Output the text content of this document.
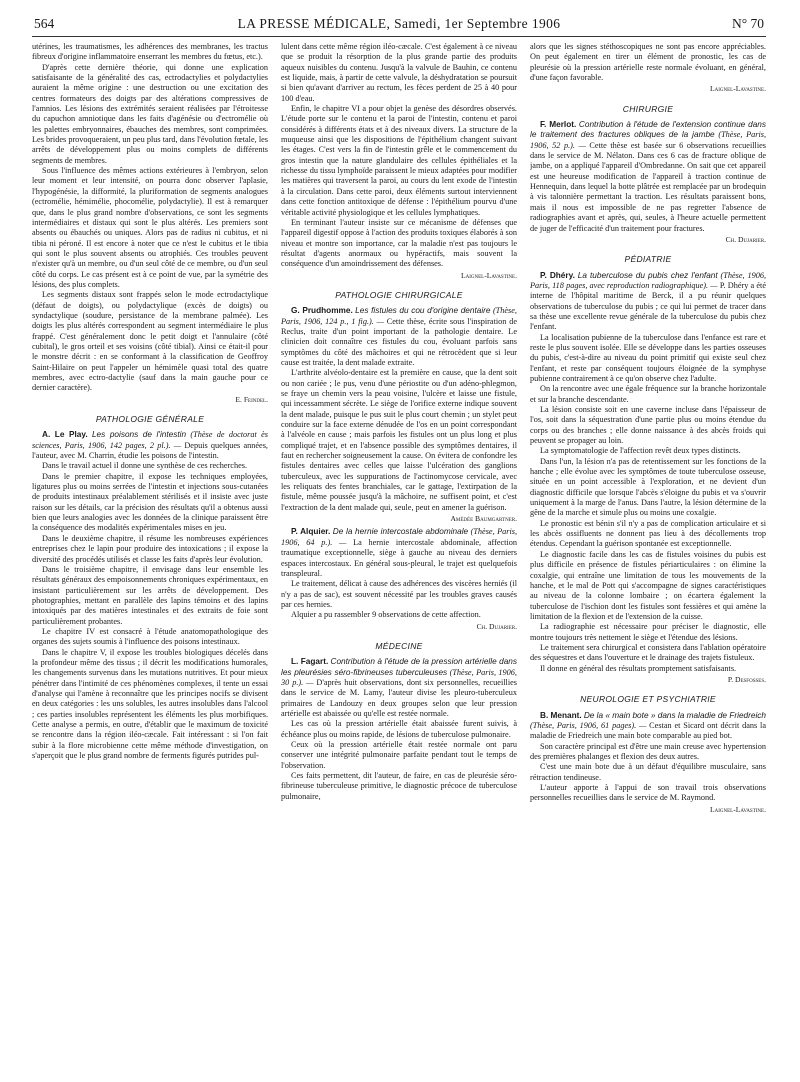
564	LA PRESSE MÉDICALE, Samedi, 1er Septembre 1906	N° 70

utérines, les traumatismes, les adhérences des membranes, les tractus fibreux d'origine inflammatoire enserrant les membres du fœtus, etc.).

D'après cette dernière théorie, qui donne une explication satisfaisante de la généralité des cas, ectrodactylies et polydactylies auraient la même origine : une destruction ou une excitation des centres formateurs des doigts par des altérations compressives de l'amnios. Les lésions des extrémités seraient réalisées par l'étroitesse du capuchon amniotique dans les faits d'agénésie ou d'ectromélie où les palettes embryonnaires, ébauches des membres, sont comprimées. Les brides provoqueraient, un peu plus tard, dans l'évolution fœtale, les arrêts de développement plus ou moins complets de différents segments de membres.

Sous l'influence des mêmes actions extérieures à l'embryon, selon leur moment et leur intensité, on pourra donc observer l'aplasie, l'hypogénésie, la difformité, la pluriformation de segments analogues (ectromélie, hémimélie, phocomélie, polydactylie). Il est à remarquer que, dans le plus grand nombre d'observations, ce sont les segments intermédiaires et distaux qui sont le plus altérés. Les premiers sont absents ou ébauchés ou uniques. Alors pas de radius ni cubitus, et ni tibia ni péroné. Il est encore à noter que ce n'est le cubitus et le tibia qui sont le plus souvent absents ou atrophiés. Ces troubles peuvent n'exister qu'à un membre, ou d'un seul côté de ce membre, ou d'un seul côté du corps. Le cas présent est à ce point de vue, par la symétrie des lésions, des plus complets.

Les segments distaux sont frappés selon le mode ectrodactylique (défaut de doigts), ou polydactylique (excès de doigts) ou syndactylique (soudure, persistance de la membrane palmée). Les doigts les plus altérés correspondent au segment intermédiaire le plus frappé. C'est généralement donc le petit doigt et l'annulaire (côté cubital), le gros orteil et ses voisins (côté tibial). Ainsi ce était-il pour le monstre décrit : en se conformant à la classification de Geoffroy Saint-Hilaire on peut l'appeler un hémimèle quasi total des quatre membres, avec ectro-dactylie (sauf dans la main gauche pour ce dernier caractère).

E. Feindel.

PATHOLOGIE GÉNÉRALE

A. Le Play. Les poisons de l'intestin (Thèse de doctorat ès sciences, Paris, 1906, 142 pages, 2 pl.). — Depuis quelques années, l'auteur, avec M. Charrin, étudie les poisons de l'intestin.

Dans le travail actuel il donne une synthèse de ces recherches.

Dans le premier chapitre, il expose les techniques employées, ligatures plus ou moins serrées de l'intestin et injections sous-cutanées de produits intestinaux préalablement stérilisés et il insiste avec juste raison sur les détails, car la précision des résultats qu'il a obtenus aussi bien que leurs analogies avec les données de la clinique paraissent être la conséquence des modalités expérimentales mises en jeu.

Dans le deuxième chapitre, il résume les nombreuses expériences entreprises chez le lapin pour produire des intoxications ; il expose la diversité des procédés utilisés et classe les faits d'après leur évolution.

Dans le troisième chapitre, il envisage dans leur ensemble les résultats généraux des empoisonnements chroniques expérimentaux, en insistant particulièrement sur les arrêts de développement. Des photographies, mettant en parallèle des lapins témoins et des lapins intoxiqués par des matières intestinales et des extraits de foie sont particulièrement probantes.

Le chapitre IV est consacré à l'étude anatomopathologique des organes des sujets soumis à l'influence des poisons intestinaux.

Dans le chapitre V, il expose les troubles biologiques décelés dans la profondeur même des tissus ; il décrit les modifications humorales, les changements survenus dans les mutations nutritives. Et pour mieux pénétrer dans l'intimité de ces phénomènes complexes, il tente un essai d'analyse qui l'amène à reconnaître que les principes nocifs se divisent en deux catégories : les uns solubles, les autres insolubles dans l'alcool ; ces parties insolubles représentent les éléments les plus morbifiques. Cette analyse a permis, en outre, d'établir que le maximum de toxicité se rencontre dans la région iléo-cæcale. Fait intéressant : si l'on fait subir à la flore microbienne cette même méthode d'investigation, on s'aperçoit que le plus grand nombre de ferments figurés putrides pul-

lulent dans cette même région iléo-cæcale. C'est également à ce niveau que se produit la résorption de la plus grande partie des produits aqueux nuisibles du contenu. Jusqu'à la valvule de Bauhin, ce contenu est liquide, mais, à partir de cette valvule, la déshydratation se poursuit si bien qu'avant d'arriver au rectum, les fèces perdent de 25 à 40 pour 100 d'eau.

Enfin, le chapitre VI a pour objet la genèse des désordres observés. L'étude porte sur le contenu et la paroi de l'intestin, contenu et paroi considérés à différents états et à des niveaux divers. La structure de la muqueuse ainsi que les dispositions de l'épithélium changent suivant les étages. C'est vers la fin de l'intestin grêle et le commencement du gros intestin que la nature glandulaire des cellules épithéliales et la richesse du tissu lymphoïde paraissent le mieux adaptées pour modifier les matières qui traversent la paroi, au cours du lent exode de l'intestin à la circulation. Dans cette paroi, deux éléments surtout interviennent dans cette fonction antitoxique de défense : l'épithélium pourvu d'une véritable activité physiologique et les cellules lymphatiques.

En terminant l'auteur insiste sur ce mécanisme de défenses que l'appareil digestif oppose à l'action des produits toxiques élaborés à son niveau et montre son importance, car la maladie n'est pas toujours le résultat d'agents anormaux ou hypéractifs, mais souvent la conséquence d'un amoindrissement des défenses.

Laignel-Lavastine.

PATHOLOGIE CHIRURGICALE

G. Prudhomme. Les fistules du cou d'origine dentaire (Thèse, Paris, 1906, 124 p., 1 fig.). — Cette thèse, écrite sous l'inspiration de Reclus, traite d'un point important de la pathologie dentaire. Le clinicien doit connaître ces fistules du cou, évoluant parfois sans symptômes du côté des mâchoires et qui ne rétrocèdent que si leur cause est traitée, la dent malade extraite.

L'arthrite alvéolo-dentaire est la première en cause, que la dent soit ou non cariée ; le pus, venu d'une périostite ou d'un adéno-phlegmon, se fraye un chemin vers la peau voisine, l'ulcère et laisse une fistule, qui incessamment sécrète. Le siège de l'orifice externe indique souvent la dent malade, puisque le pus suit le plus court chemin ; un stylet peut conduire sur la face externe dénudée de l'os en un point correspondant à l'alvéole en cause ; mais parfois les fistules ont un plus long et plus compliqué trajet, et en l'absence possible des symptômes dentaires, il faut en rechercher soigneusement la cause. On évitera de confondre les fistules dentaires avec celles que laisse l'ulcération des ganglions tuberculeux, avec les suppurations de l'actinomycose cervicale, avec les reliquats des fentes branchiales, car le gattage, l'extirpation de la fistule, même poussée jusqu'à la mâchoire, ne suffisent point, et c'est l'extraction de la dent malade qui, seule, peut en amener la guérison.

Amédée Baumgartner.

P. Alquier. De la hernie intercostale abdominale (Thèse, Paris, 1906, 64 p.). — La hernie intercostale abdominale, affection traumatique exceptionnelle, siège à gauche au niveau des derniers espaces intercostaux. En général sous-pleural, le trajet est quelquefois transpleural.

Le traitement, délicat à cause des adhérences des viscères herniés (il n'y a pas de sac), est souvent nécessité par les troubles graves causés par ces hernies.

Alquier a pu rassembler 9 observations de cette affection.

Ch. Dujarier.

MÉDECINE

L. Fagart. Contribution à l'étude de la pression artérielle dans les pleurésies séro-fibrineuses tuberculeuses (Thèse, Paris, 1906, 30 p.). — D'après huit observations, dont six personnelles, recueillies dans le service de M. Lamy, l'auteur divise les pleuro-tuberculeux primaires de Landouzy en deux groupes selon que leur pression artérielle est abaissée ou qu'elle est restée normale.

Les cas où la pression artérielle était abaissée furent suivis, à échéance plus ou moins rapide, de lésions de tuberculose pulmonaire.

Ceux où la pression artérielle était restée normale ont paru conserver une intégrité pulmonaire parfaite pendant tout le temps de l'observation.

Ces faits permettent, dit l'auteur, de faire, en cas de pleurésie séro-fibrineuse tuberculeuse primitive, le diagnostic précoce de tuberculose pulmonaire,

alors que les signes stéthoscopiques ne sont pas encore appréciables. On peut également en tirer un élément de pronostic, les cas de pleurésie où la pression artérielle reste normale évoluant, en général, d'une façon favorable.

Laignel-Lavastine.

CHIRURGIE

F. Merlot. Contribution à l'étude de l'extension continue dans le traitement des fractures obliques de la jambe (Thèse, Paris, 1906, 52 p.). — Cette thèse est basée sur 6 observations recueillies dans le service de M. Nélaton. Dans ces 6 cas de fracture oblique de jambe, on a appliqué l'appareil d'Ombredanne. On sait que cet appareil est une heureuse modification de l'appareil à traction continue de Hennequin, dans lequel la botte plâtrée est remplacée par un brodequin à vis talonnière permettant la traction. Les résultats paraissent bons, mais il nous est impossible de ne pas regretter l'absence de radiographies avant et après, qui, seules, à l'heure actuelle permettent de juger de l'efficacité d'un traitement pour fractures.

Ch. Dujarier.

PÉDIATRIE

P. Dhéry. La tuberculose du pubis chez l'enfant (Thèse, 1906, Paris, 118 pages, avec reproduction radiographique). — P. Dhéry a été interne de l'hôpital maritime de Berck, il a pu réunir quelques observations de tuberculose du pubis ; ce qui lui permet de tracer dans sa thèse une excellente revue générale de la tuberculose du pubis chez l'enfant.

La localisation pubienne de la tuberculose dans l'enfance est rare et reste le plus souvent isolée. Elle se développe dans les parties osseuses du pubis, c'est-à-dire au niveau du point primitif qui existe seul chez l'enfant, et reste par conséquent toujours éloignée de la symphyse pubienne contrairement à ce qu'on observe chez l'adulte.

On la rencontre avec une égale fréquence sur la branche horizontale et sur la branche descendante.

La lésion consiste soit en une caverne incluse dans l'épaisseur de l'os, soit dans la séquestration d'une partie plus ou moins étendue du corps ou des branches ; elle donne naissance à des abcès froids qui peuvent se propager au loin.

La symptomatologie de l'affection revêt deux types distincts.

Dans l'un, la lésion n'a pas de retentissement sur les fonctions de la hanche ; elle évolue avec les symptômes de toute tuberculose osseuse, située en un point accessible à l'exploration, et ne devient d'un diagnostic difficile que lorsque l'abcès s'éloigne du pubis et va s'ouvrir uniquement à la marge de l'anus. Dans l'autre, la lésion détermine de la gêne de la marche et simule plus ou moins une coxalgie.

Le pronostic est bénin s'il n'y a pas de complication articulaire et si les abcès ossifluents ne donnent pas lieu à des décollements trop étendus. Cependant la guérison spontanée est exceptionnelle.

Le diagnostic facile dans les cas de fistules voisines du pubis est plus difficile en présence de fistules périarticulaires : on élimine la coxalgie, qui entraîne une limitation de tous les mouvements de la hanche, et le mal de Pott qui s'accompagne de signes caractéristiques au niveau de la colonne lombaire ; on écartera également la tuberculose de l'ischion dont les fistules sont fessières et qui amène la limitation de la flexion et de l'extension de la cuisse.

La radiographie est nécessaire pour préciser le diagnostic, elle montre toujours très nettement le siège et l'étendue des lésions.

Le traitement sera chirurgical et consistera dans l'ablation opératoire des séquestres et dans l'ouverture et le drainage des trajets fistuleux.

Il donne en général des résultats promptement satisfaisants.

P. Desfosses.

NEUROLOGIE ET PSYCHIATRIE

B. Menant. De la « main bote » dans la maladie de Friedreich (Thèse, Paris, 1906, 61 pages). — Cestan et Sicard ont décrit dans la maladie de Friedreich une main bote comparable au pied bot.

Son caractère principal est d'être une main creuse avec hypertension des premières phalanges et flexion des deux autres.

C'est une main bote due à un défaut d'équilibre musculaire, sans rétraction tendineuse.

L'auteur apporte à l'appui de son travail trois observations personnelles recueillies dans le service de M. Raymond.

Laignel-Lavastine.
